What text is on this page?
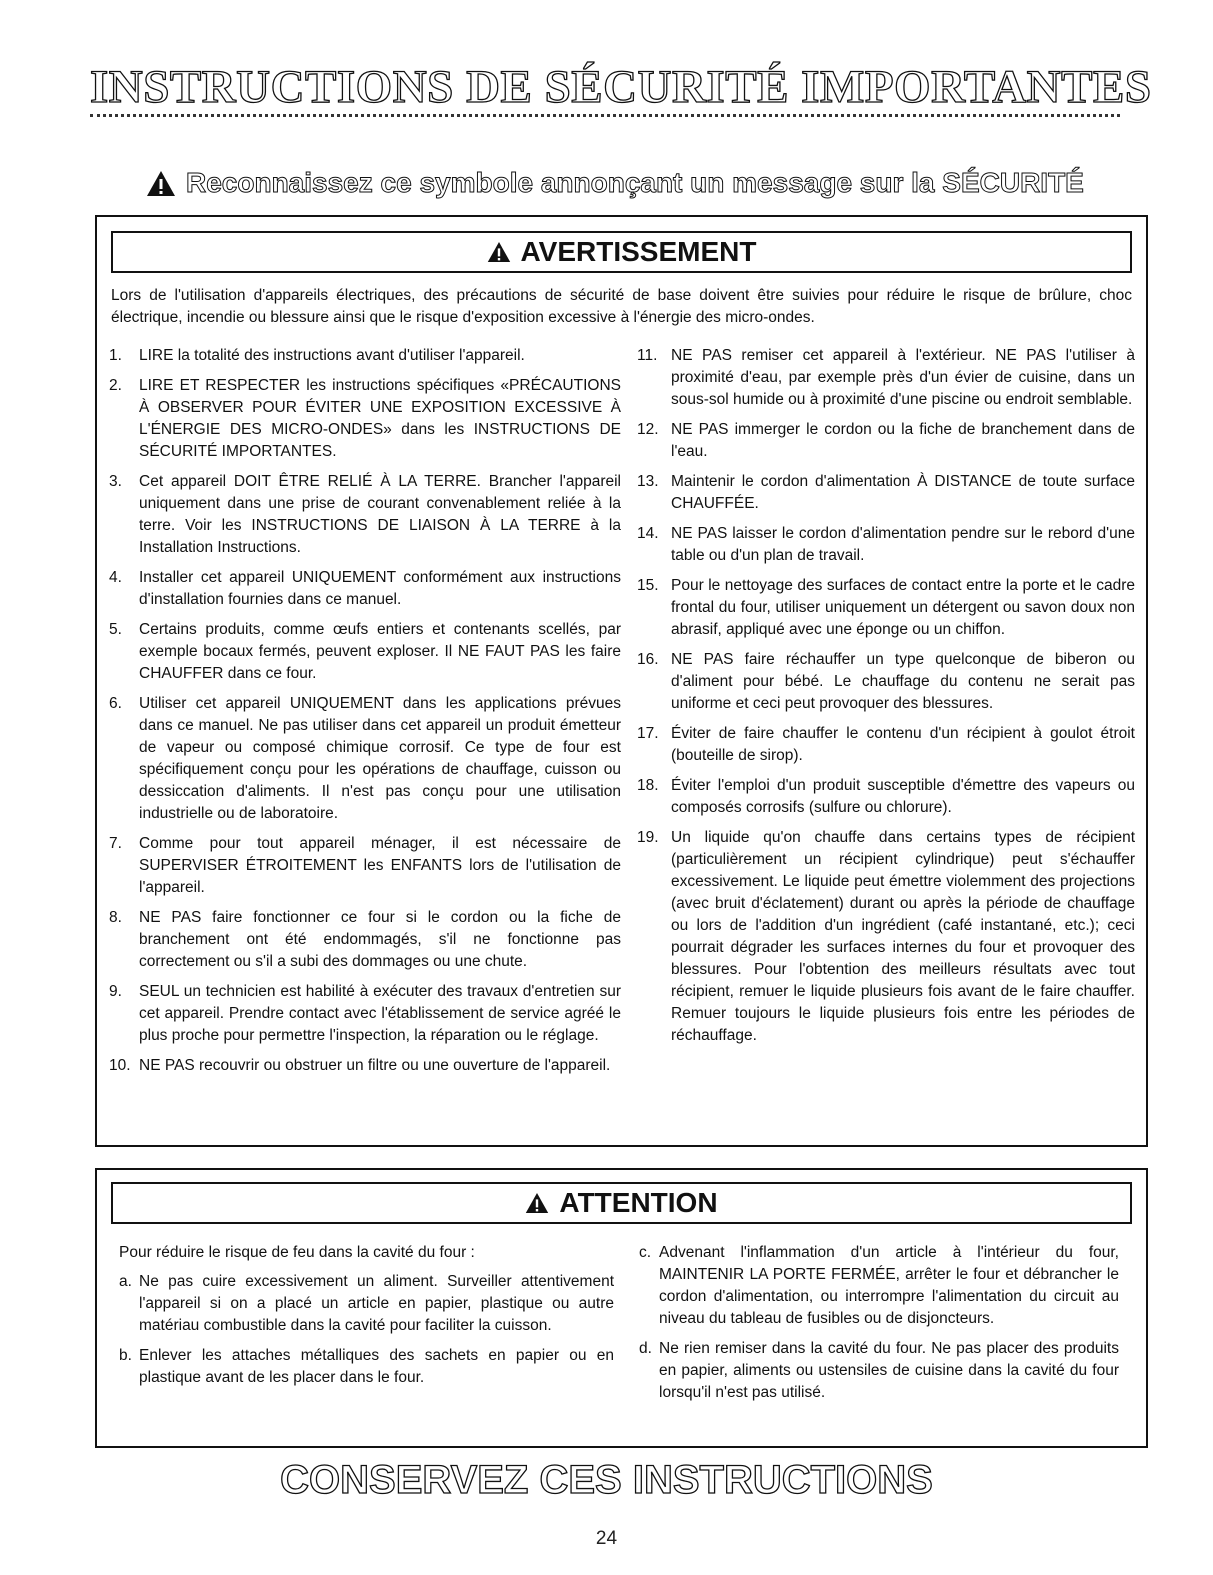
INSTRUCTIONS DE SÉCURITÉ IMPORTANTES
Reconnaissez ce symbole annonçant un message sur la SÉCURITÉ
AVERTISSEMENT
Lors de l'utilisation d'appareils électriques, des précautions de sécurité de base doivent être suivies pour réduire le risque de brûlure, choc électrique, incendie ou blessure ainsi que le risque d'exposition excessive à l'énergie des micro-ondes.
1.	LIRE la totalité des instructions avant d'utiliser l'appareil.
2.	LIRE ET RESPECTER les instructions spécifiques «PRÉCAUTIONS À OBSERVER POUR ÉVITER UNE EXPOSITION EXCESSIVE À L'ÉNERGIE DES MICRO-ONDES» dans les INSTRUCTIONS DE SÉCURITÉ IMPORTANTES.
3.	Cet appareil DOIT ÊTRE RELIÉ À LA TERRE. Brancher l'appareil uniquement dans une prise de courant convenablement reliée à la terre. Voir les INSTRUCTIONS DE LIAISON À LA TERRE à la Installation Instructions.
4.	Installer cet appareil UNIQUEMENT conformément aux instructions d'installation fournies dans ce manuel.
5.	Certains produits, comme œufs entiers et contenants scellés, par exemple bocaux fermés, peuvent exploser. Il NE FAUT PAS les faire CHAUFFER dans ce four.
6.	Utiliser cet appareil UNIQUEMENT dans les applications prévues dans ce manuel. Ne pas utiliser dans cet appareil un produit émetteur de vapeur ou composé chimique corrosif. Ce type de four est spécifiquement conçu pour les opérations de chauffage, cuisson ou dessiccation d'aliments. Il n'est pas conçu pour une utilisation industrielle ou de laboratoire.
7.	Comme pour tout appareil ménager, il est nécessaire de SUPERVISER ÉTROITEMENT les ENFANTS lors de l'utilisation de l'appareil.
8.	NE PAS faire fonctionner ce four si le cordon ou la fiche de branchement ont été endommagés, s'il ne fonctionne pas correctement ou s'il a subi des dommages ou une chute.
9.	SEUL un technicien est habilité à exécuter des travaux d'entretien sur cet appareil. Prendre contact avec l'établissement de service agréé le plus proche pour permettre l'inspection, la réparation ou le réglage.
10. NE PAS recouvrir ou obstruer un filtre ou une ouverture de l'appareil.
11. NE PAS remiser cet appareil à l'extérieur. NE PAS l'utiliser à proximité d'eau, par exemple près d'un évier de cuisine, dans un sous-sol humide ou à proximité d'une piscine ou endroit semblable.
12. NE PAS immerger le cordon ou la fiche de branchement dans de l'eau.
13. Maintenir le cordon d'alimentation À DISTANCE de toute surface CHAUFFÉE.
14. NE PAS laisser le cordon d'alimentation pendre sur le rebord d'une table ou d'un plan de travail.
15. Pour le nettoyage des surfaces de contact entre la porte et le cadre frontal du four, utiliser uniquement un détergent ou savon doux non abrasif, appliqué avec une éponge ou un chiffon.
16. NE PAS faire réchauffer un type quelconque de biberon ou d'aliment pour bébé. Le chauffage du contenu ne serait pas uniforme et ceci peut provoquer des blessures.
17. Éviter de faire chauffer le contenu d'un récipient à goulot étroit (bouteille de sirop).
18. Éviter l'emploi d'un produit susceptible d'émettre des vapeurs ou composés corrosifs (sulfure ou chlorure).
19. Un liquide qu'on chauffe dans certains types de récipient (particulièrement un récipient cylindrique) peut s'échauffer excessivement. Le liquide peut émettre violemment des projections (avec bruit d'éclatement) durant ou après la période de chauffage ou lors de l'addition d'un ingrédient (café instantané, etc.); ceci pourrait dégrader les surfaces internes du four et provoquer des blessures. Pour l'obtention des meilleurs résultats avec tout récipient, remuer le liquide plusieurs fois avant de le faire chauffer. Remuer toujours le liquide plusieurs fois entre les périodes de réchauffage.
ATTENTION
Pour réduire le risque de feu dans la cavité du four :
a. Ne pas cuire excessivement un aliment. Surveiller attentivement l'appareil si on a placé un article en papier, plastique ou autre matériau combustible dans la cavité pour faciliter la cuisson.
b. Enlever les attaches métalliques des sachets en papier ou en plastique avant de les placer dans le four.
c. Advenant l'inflammation d'un article à l'intérieur du four, MAINTENIR LA PORTE FERMÉE, arrêter le four et débrancher le cordon d'alimentation, ou interrompre l'alimentation du circuit au niveau du tableau de fusibles ou de disjoncteurs.
d. Ne rien remiser dans la cavité du four. Ne pas placer des produits en papier, aliments ou ustensiles de cuisine dans la cavité du four lorsqu'il n'est pas utilisé.
CONSERVEZ CES INSTRUCTIONS
24
